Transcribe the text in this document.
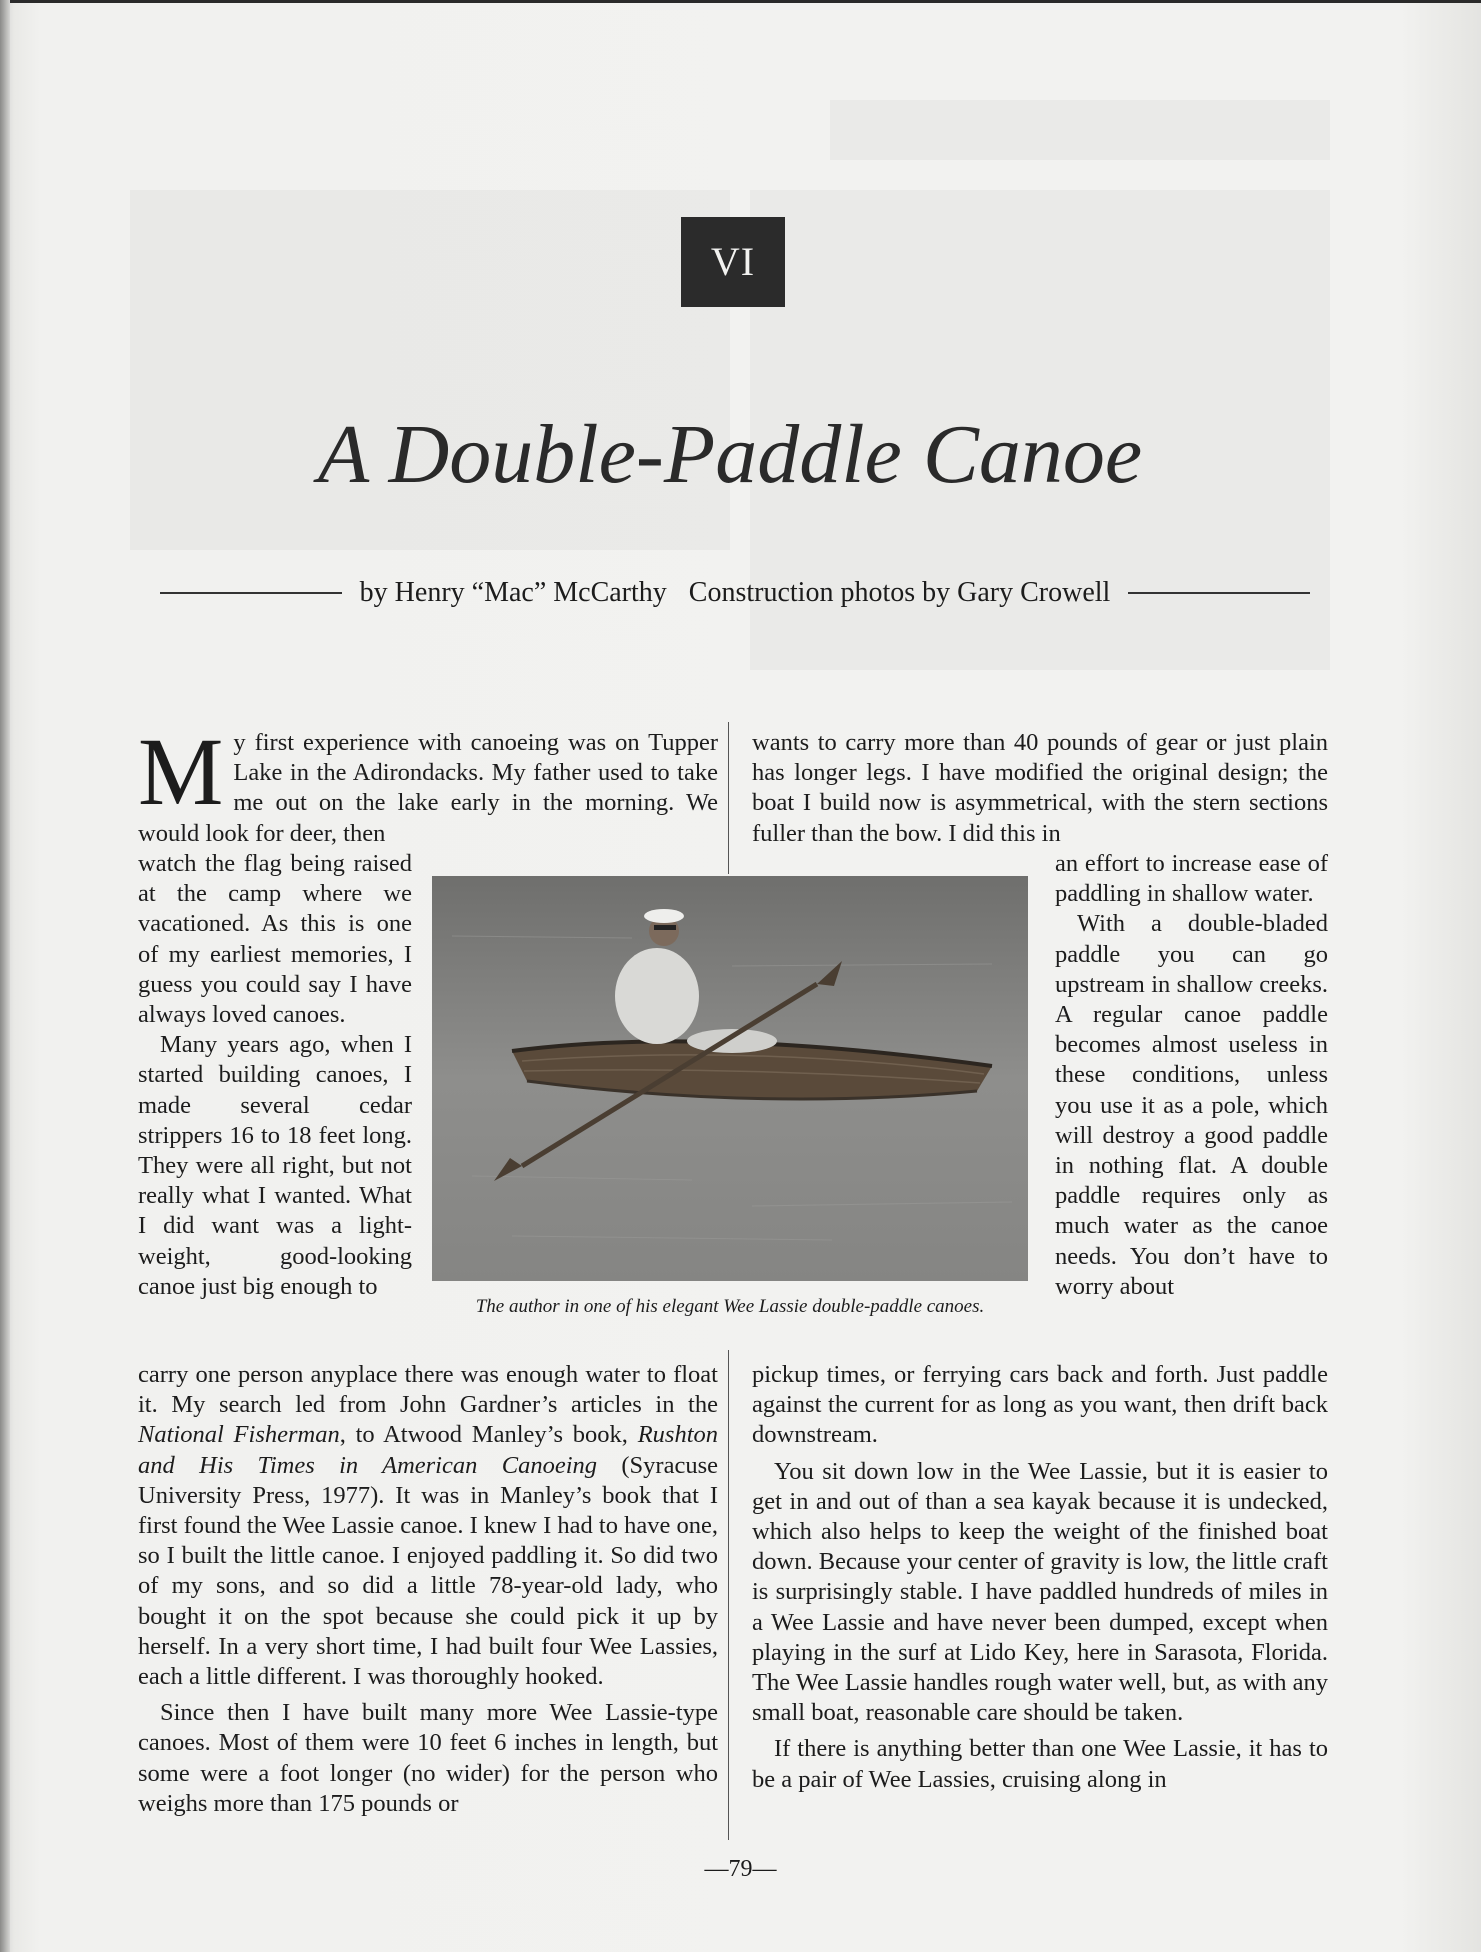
VI
A Double-Paddle Canoe
by Henry “Mac” McCarthy Construction photos by Gary Crowell
M y first experience with canoeing was on Tupper Lake in the Adirondacks. My father used to take me out on the lake early in the morning. We would look for deer, then

watch the flag being raised at the camp where we vacationed. As this is one of my earliest memories, I guess you could say I have always loved canoes.

Many years ago, when I started building canoes, I made several cedar strippers 16 to 18 feet long. They were all right, but not really what I wanted. What I did want was a light-weight, good-looking canoe just big enough to

carry one person anyplace there was enough water to float it. My search led from John Gardner’s articles in the National Fisherman, to Atwood Manley’s book, Rushton and His Times in American Canoeing (Syracuse University Press, 1977). It was in Manley’s book that I first found the Wee Lassie canoe. I knew I had to have one, so I built the little canoe. I enjoyed paddling it. So did two of my sons, and so did a little 78-year-old lady, who bought it on the spot because she could pick it up by herself. In a very short time, I had built four Wee Lassies, each a little different. I was thoroughly hooked.

Since then I have built many more Wee Lassie-type canoes. Most of them were 10 feet 6 inches in length, but some were a foot longer (no wider) for the person who weighs more than 175 pounds or

wants to carry more than 40 pounds of gear or just plain has longer legs. I have modified the original design; the boat I build now is asymmetrical, with the stern sections fuller than the bow. I did this in

an effort to increase ease of paddling in shallow water.

With a double-bladed paddle you can go upstream in shallow creeks. A regular canoe paddle becomes almost useless in these conditions, unless you use it as a pole, which will destroy a good paddle in nothing flat. A double paddle requires only as much water as the canoe needs. You don’t have to worry about

pickup times, or ferrying cars back and forth. Just paddle against the current for as long as you want, then drift back downstream.

You sit down low in the Wee Lassie, but it is easier to get in and out of than a sea kayak because it is undecked, which also helps to keep the weight of the finished boat down. Because your center of gravity is low, the little craft is surprisingly stable. I have paddled hundreds of miles in a Wee Lassie and have never been dumped, except when playing in the surf at Lido Key, here in Sarasota, Florida. The Wee Lassie handles rough water well, but, as with any small boat, reasonable care should be taken.

If there is anything better than one Wee Lassie, it has to be a pair of Wee Lassies, cruising along in

The author in one of his elegant Wee Lassie double-paddle canoes.
—79—
